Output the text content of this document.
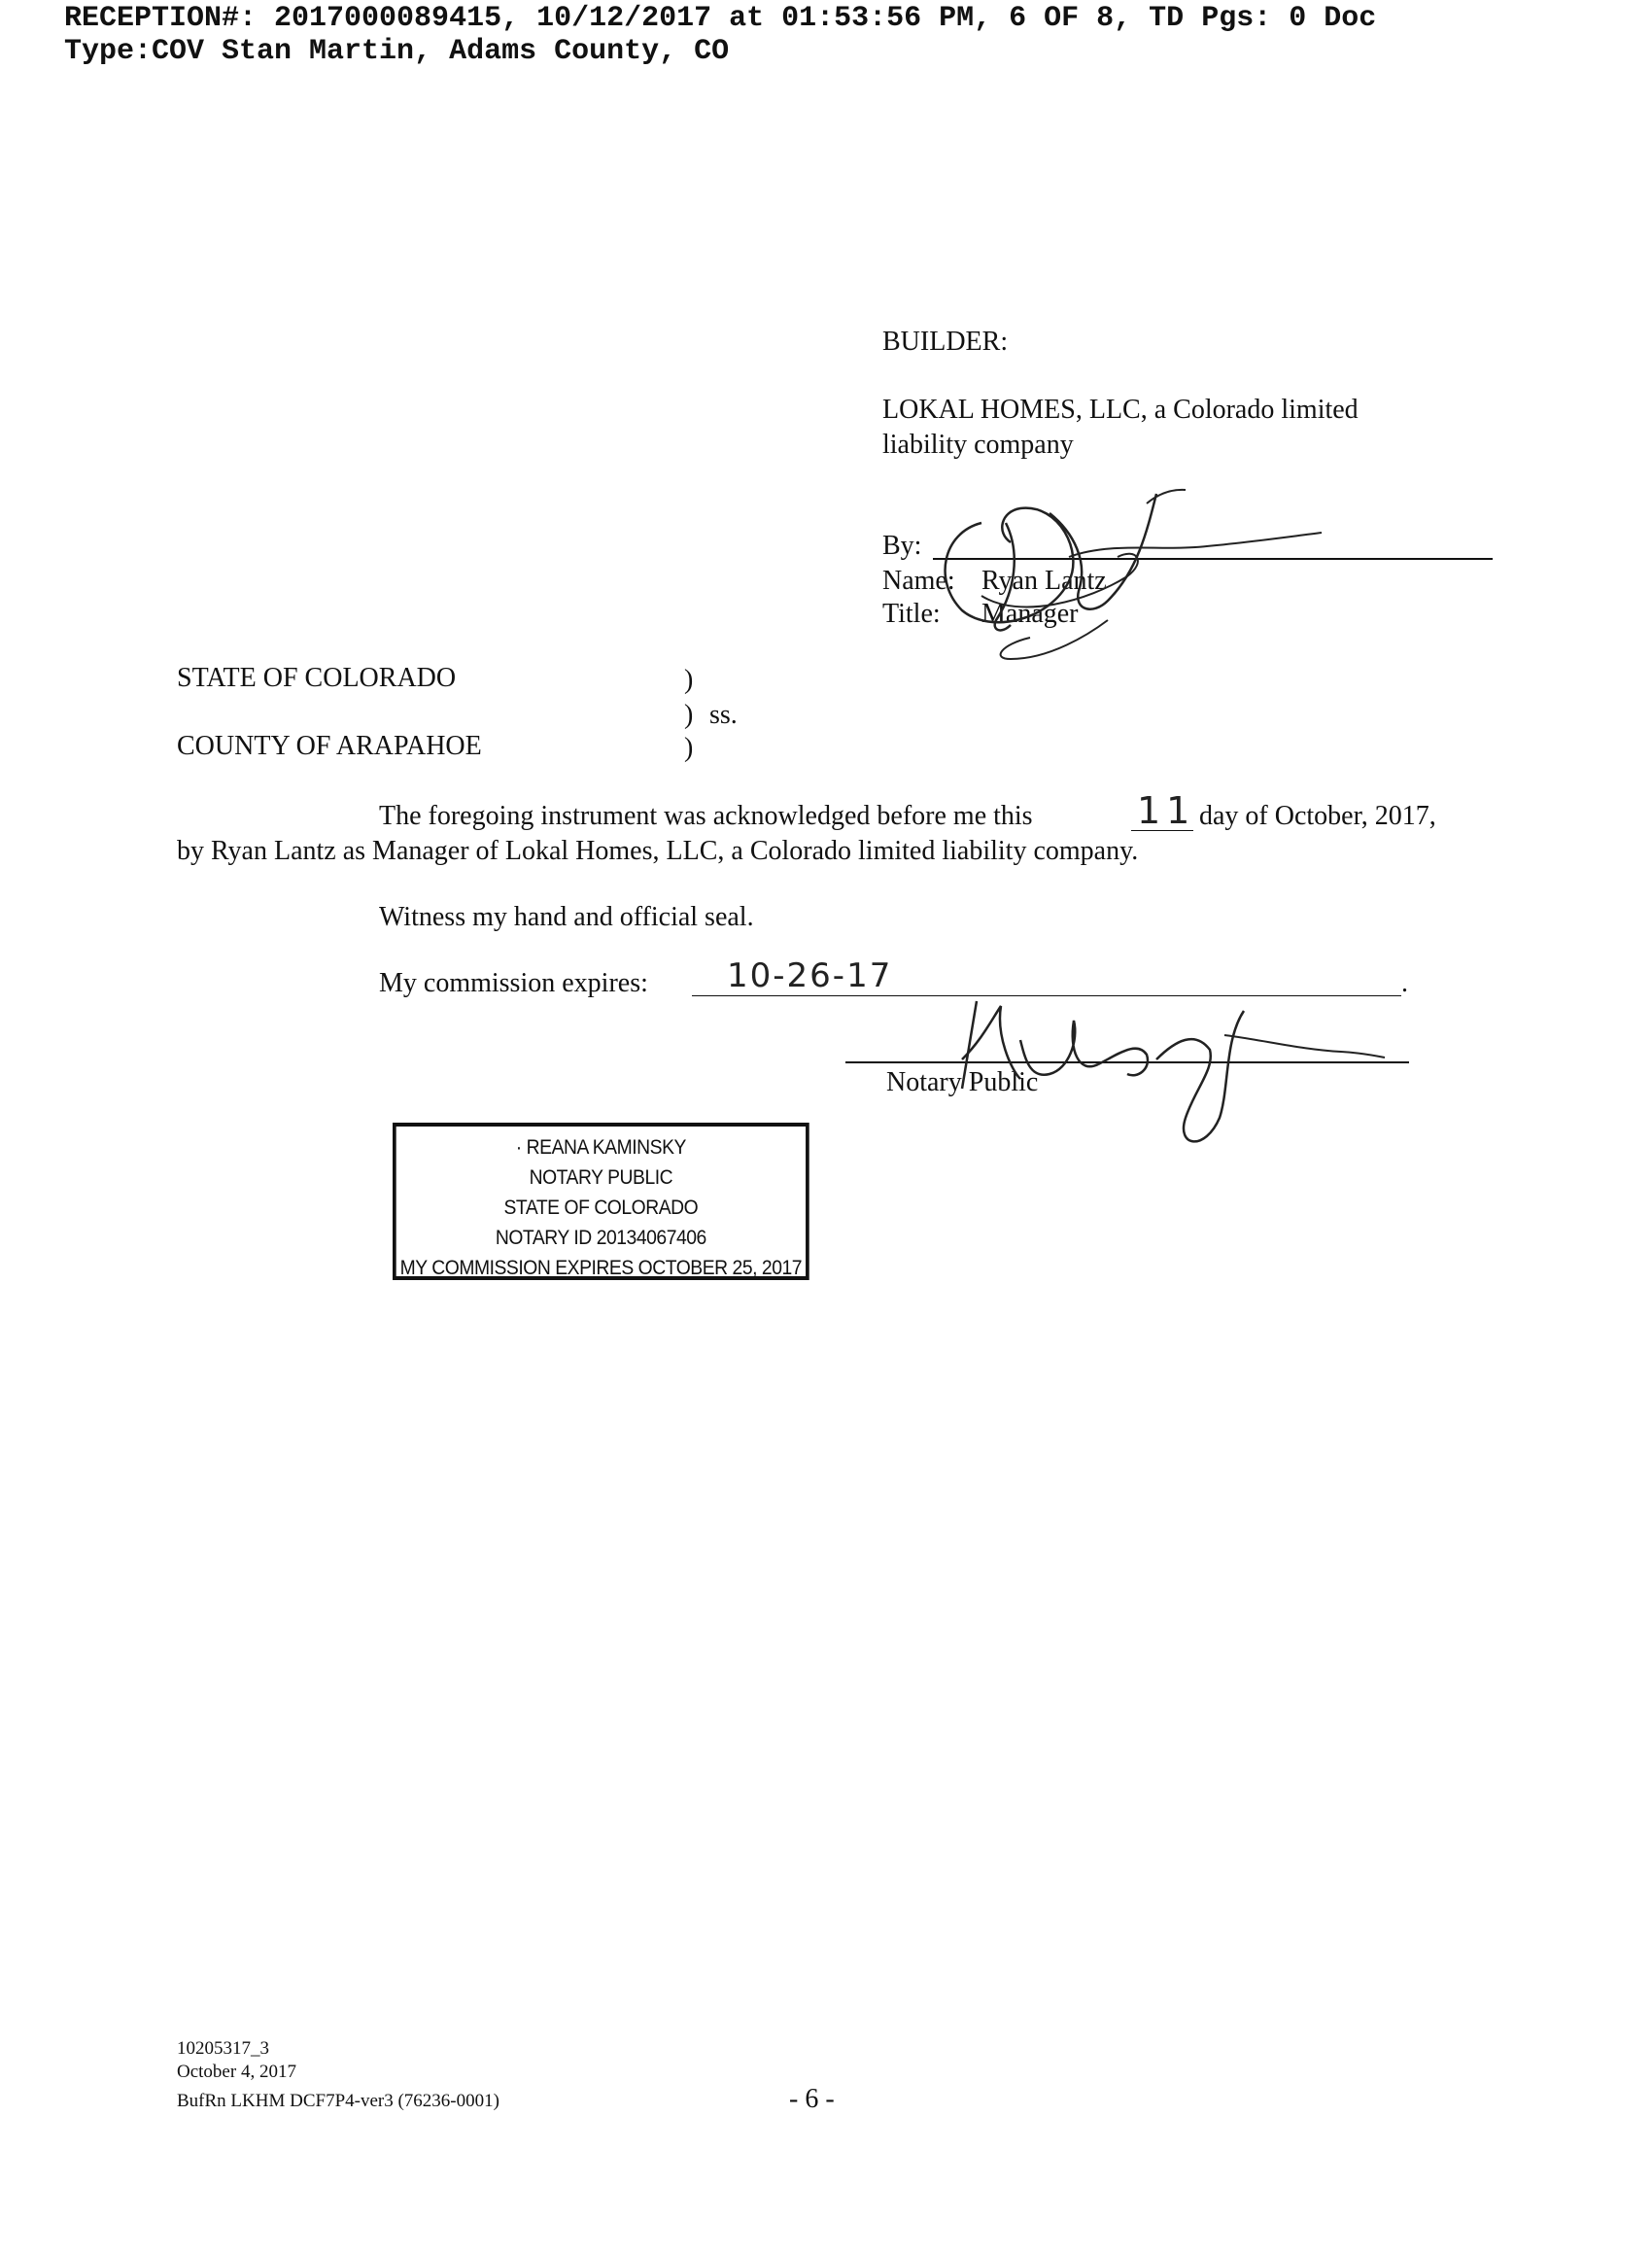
RECEPTION#: 2017000089415, 10/12/2017 at 01:53:56 PM, 6 OF 8, TD Pgs: 0 Doc
Type:COV Stan Martin, Adams County, CO
BUILDER:
LOKAL HOMES, LLC, a Colorado limited
liability company
By:
Name: Ryan Lantz
Title: Manager
STATE OF COLORADO
COUNTY OF ARAPAHOE
)
) ss.
)
The foregoing instrument was acknowledged before me this	11 day of October, 2017,
by Ryan Lantz as Manager of Lokal Homes, LLC, a Colorado limited liability company.
Witness my hand and official seal.
My commission expires: 10-26-17	.
Notary Public
· REANA KAMINSKY
NOTARY PUBLIC
STATE OF COLORADO
NOTARY ID 20134067406
MY COMMISSION EXPIRES OCTOBER 25, 2017
10205317_3
October 4, 2017
BufRn LKHM DCF7P4-ver3 (76236-0001)	- 6 -
